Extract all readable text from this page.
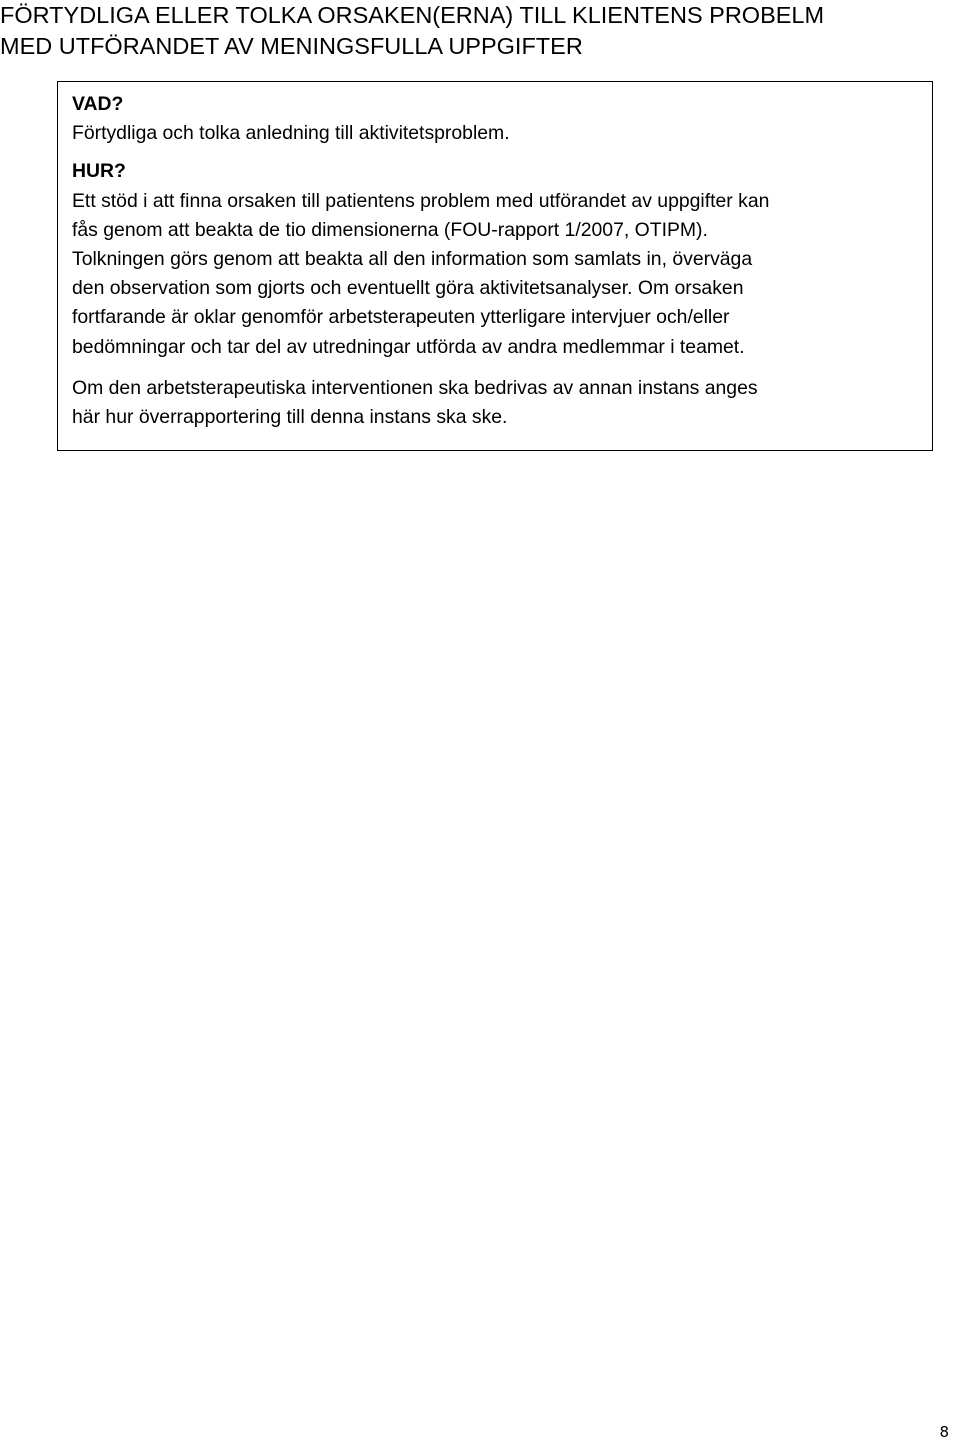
FÖRTYDLIGA ELLER TOLKA ORSAKEN(ERNA) TILL KLIENTENS PROBELM
MED UTFÖRANDET AV MENINGSFULLA UPPGIFTER
VAD?
Förtydliga och tolka anledning till aktivitetsproblem.
HUR?
Ett stöd i att finna orsaken till patientens problem med utförandet av uppgifter kan
fås genom att beakta de tio dimensionerna (FOU-rapport 1/2007, OTIPM).
Tolkningen görs genom att beakta all den information som samlats in, överväga
den observation som gjorts och eventuellt göra aktivitetsanalyser. Om orsaken
fortfarande är oklar genomför arbetsterapeuten ytterligare intervjuer och/eller
bedömningar och tar del av utredningar utförda av andra medlemmar i teamet.
Om den arbetsterapeutiska interventionen ska bedrivas av annan instans anges
här hur överrapportering till denna instans ska ske.
8
